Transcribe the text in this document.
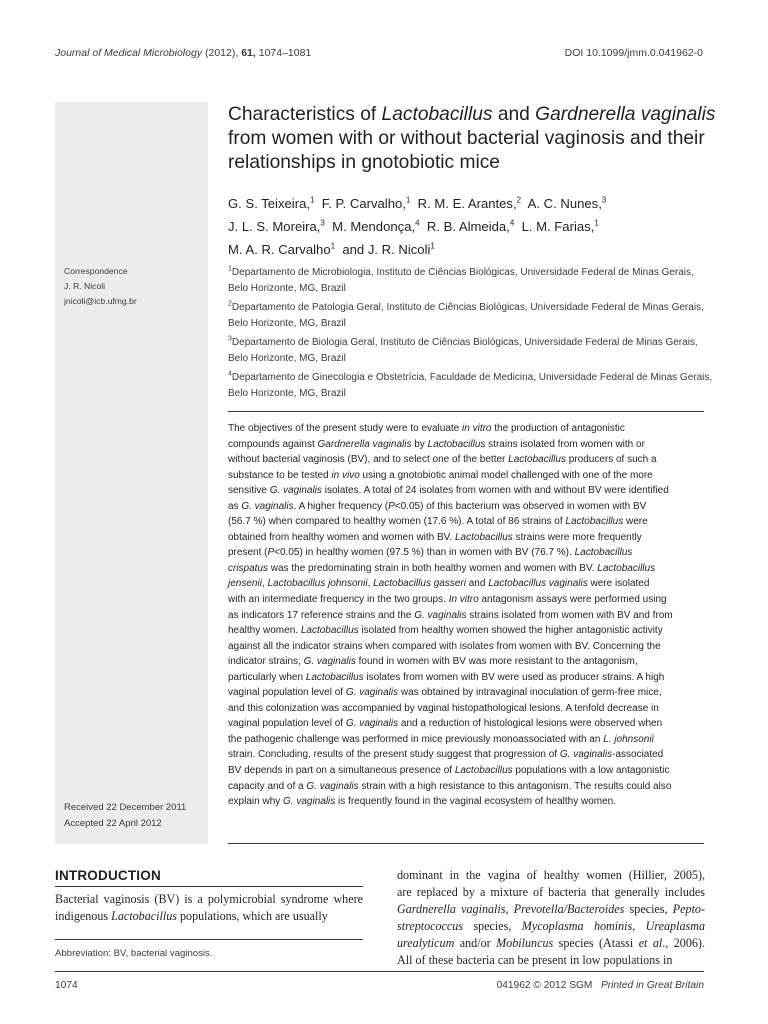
Journal of Medical Microbiology (2012), 61, 1074–1081	DOI 10.1099/jmm.0.041962-0
Characteristics of Lactobacillus and Gardnerella vaginalis from women with or without bacterial vaginosis and their relationships in gnotobiotic mice
G. S. Teixeira,$^1$ F. P. Carvalho,$^1$ R. M. E. Arantes,$^2$ A. C. Nunes,$^3$
J. L. S. Moreira,$^3$ M. Mendonça,$^4$ R. B. Almeida,$^4$ L. M. Farias,$^1$
M. A. R. Carvalho$^1$ and J. R. Nicoli$^1$
$^1$Departamento de Microbiologia, Instituto de Ciências Biológicas, Universidade Federal de Minas Gerais, Belo Horizonte, MG, Brazil
$^2$Departamento de Patologia Geral, Instituto de Ciências Biológicas, Universidade Federal de Minas Gerais, Belo Horizonte, MG, Brazil
$^3$Departamento de Biologia Geral, Instituto de Ciências Biológicas, Universidade Federal de Minas Gerais, Belo Horizonte, MG, Brazil
$^4$Departamento de Ginecologia e Obstetrícia, Faculdade de Medicina, Universidade Federal de Minas Gerais, Belo Horizonte, MG, Brazil
Correspondence
J. R. Nicoli
jnicoli@icb.ufmg.br
The objectives of the present study were to evaluate in vitro the production of antagonistic
compounds against Gardnerella vaginalis by Lactobacillus strains isolated from women with or
without bacterial vaginosis (BV), and to select one of the better Lactobacillus producers of such a
substance to be tested in vivo using a gnotobiotic animal model challenged with one of the more
sensitive G. vaginalis isolates. A total of 24 isolates from women with and without BV were identified
as G. vaginalis. A higher frequency (P<0.05) of this bacterium was observed in women with BV
(56.7 %) when compared to healthy women (17.6 %). A total of 86 strains of Lactobacillus were
obtained from healthy women and women with BV. Lactobacillus strains were more frequently
present (P<0.05) in healthy women (97.5 %) than in women with BV (76.7 %). Lactobacillus
crispatus was the predominating strain in both healthy women and women with BV. Lactobacillus
jensenii, Lactobacillus johnsonii, Lactobacillus gasseri and Lactobacillus vaginalis were isolated
with an intermediate frequency in the two groups. In vitro antagonism assays were performed using
as indicators 17 reference strains and the G. vaginalis strains isolated from women with BV and from
healthy women. Lactobacillus isolated from healthy women showed the higher antagonistic activity
against all the indicator strains when compared with isolates from women with BV. Concerning the
indicator strains, G. vaginalis found in women with BV was more resistant to the antagonism,
particularly when Lactobacillus isolates from women with BV were used as producer strains. A high
vaginal population level of G. vaginalis was obtained by intravaginal inoculation of germ-free mice,
and this colonization was accompanied by vaginal histopathological lesions. A tenfold decrease in
vaginal population level of G. vaginalis and a reduction of histological lesions were observed when
the pathogenic challenge was performed in mice previously monoassociated with an L. johnsonii
strain. Concluding, results of the present study suggest that progression of G. vaginalis-associated
BV depends in part on a simultaneous presence of Lactobacillus populations with a low antagonistic
capacity and of a G. vaginalis strain with a high resistance to this antagonism. The results could also
explain why G. vaginalis is frequently found in the vaginal ecosystem of healthy women.
Received 22 December 2011
Accepted 22 April 2012
INTRODUCTION
Bacterial vaginosis (BV) is a polymicrobial syndrome where
indigenous Lactobacillus populations, which are usually
dominant in the vagina of healthy women (Hillier, 2005),
are replaced by a mixture of bacteria that generally includes
Gardnerella vaginalis, Prevotella/Bacteroides species, Pepto-
streptococcus species, Mycoplasma hominis, Ureaplasma
urealyticum and/or Mobiluncus species (Atassi et al., 2006).
All of these bacteria can be present in low populations in
Abbreviation: BV, bacterial vaginosis.
1074	041962 © 2012 SGM Printed in Great Britain
